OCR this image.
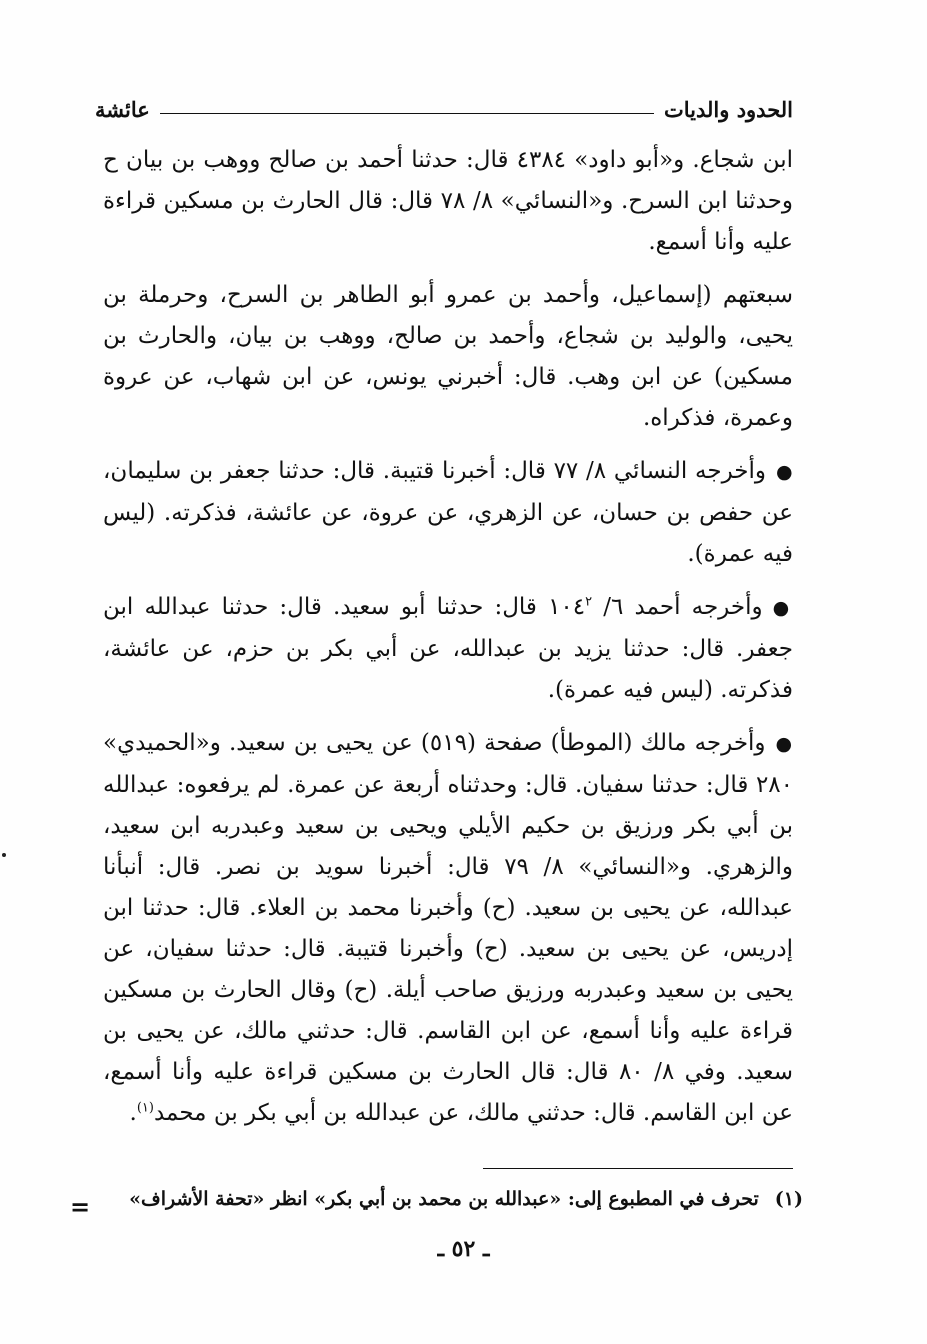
الحدود والديات
عائشة

ابن شجاع. و«أبو داود» ٤٣٨٤ قال: حدثنا أحمد بن صالح ووهب بن بيان ح وحدثنا ابن السرح. و«النسائي» ٨/ ٧٨ قال: قال الحارث بن مسكين قراءة عليه وأنا أسمع.

سبعتهم (إسماعيل، وأحمد بن عمرو أبو الطاهر بن السرح، وحرملة بن يحيى، والوليد بن شجاع، وأحمد بن صالح، ووهب بن بيان، والحارث بن مسكين) عن ابن وهب. قال: أخبرني يونس، عن ابن شهاب، عن عروة وعمرة، فذكراه.

● وأخرجه النسائي ٨/ ٧٧ قال: أخبرنا قتيبة. قال: حدثنا جعفر بن سليمان، عن حفص بن حسان، عن الزهري، عن عروة، عن عائشة، فذكرته. (ليس فيه عمرة).

● وأخرجه أحمد ٦/ $١٠٤^٢$ قال: حدثنا أبو سعيد. قال: حدثنا عبدالله ابن جعفر. قال: حدثنا يزيد بن عبدالله، عن أبي بكر بن حزم، عن عائشة، فذكرته. (ليس فيه عمرة).

● وأخرجه مالك (الموطأ) صفحة (٥١٩) عن يحيى بن سعيد. و«الحميدي» ٢٨٠ قال: حدثنا سفيان. قال: وحدثناه أربعة عن عمرة. لم يرفعوه: عبدالله بن أبي بكر ورزيق بن حكيم الأيلي ويحيى بن سعيد وعبدربه ابن سعيد، والزهري. و«النسائي» ٨/ ٧٩ قال: أخبرنا سويد بن نصر. قال: أنبأنا عبدالله، عن يحيى بن سعيد. (ح) وأخبرنا محمد بن العلاء. قال: حدثنا ابن إدريس، عن يحيى بن سعيد. (ح) وأخبرنا قتيبة. قال: حدثنا سفيان، عن يحيى بن سعيد وعبدربه ورزيق صاحب أيلة. (ح) وقال الحارث بن مسكين قراءة عليه وأنا أسمع، عن ابن القاسم. قال: حدثني مالك، عن يحيى بن سعيد. وفي ٨/ ٨٠ قال: قال الحارث بن مسكين قراءة عليه وأنا أسمع، عن ابن القاسم. قال: حدثني مالك، عن عبدالله بن أبي بكر بن محمد$^{(١)}$.

(١)تحرف في المطبوع إلى: «عبدالله بن محمد بن أبي بكر» انظر «تحفة الأشراف»
=
ـ ٥٢ ـ
